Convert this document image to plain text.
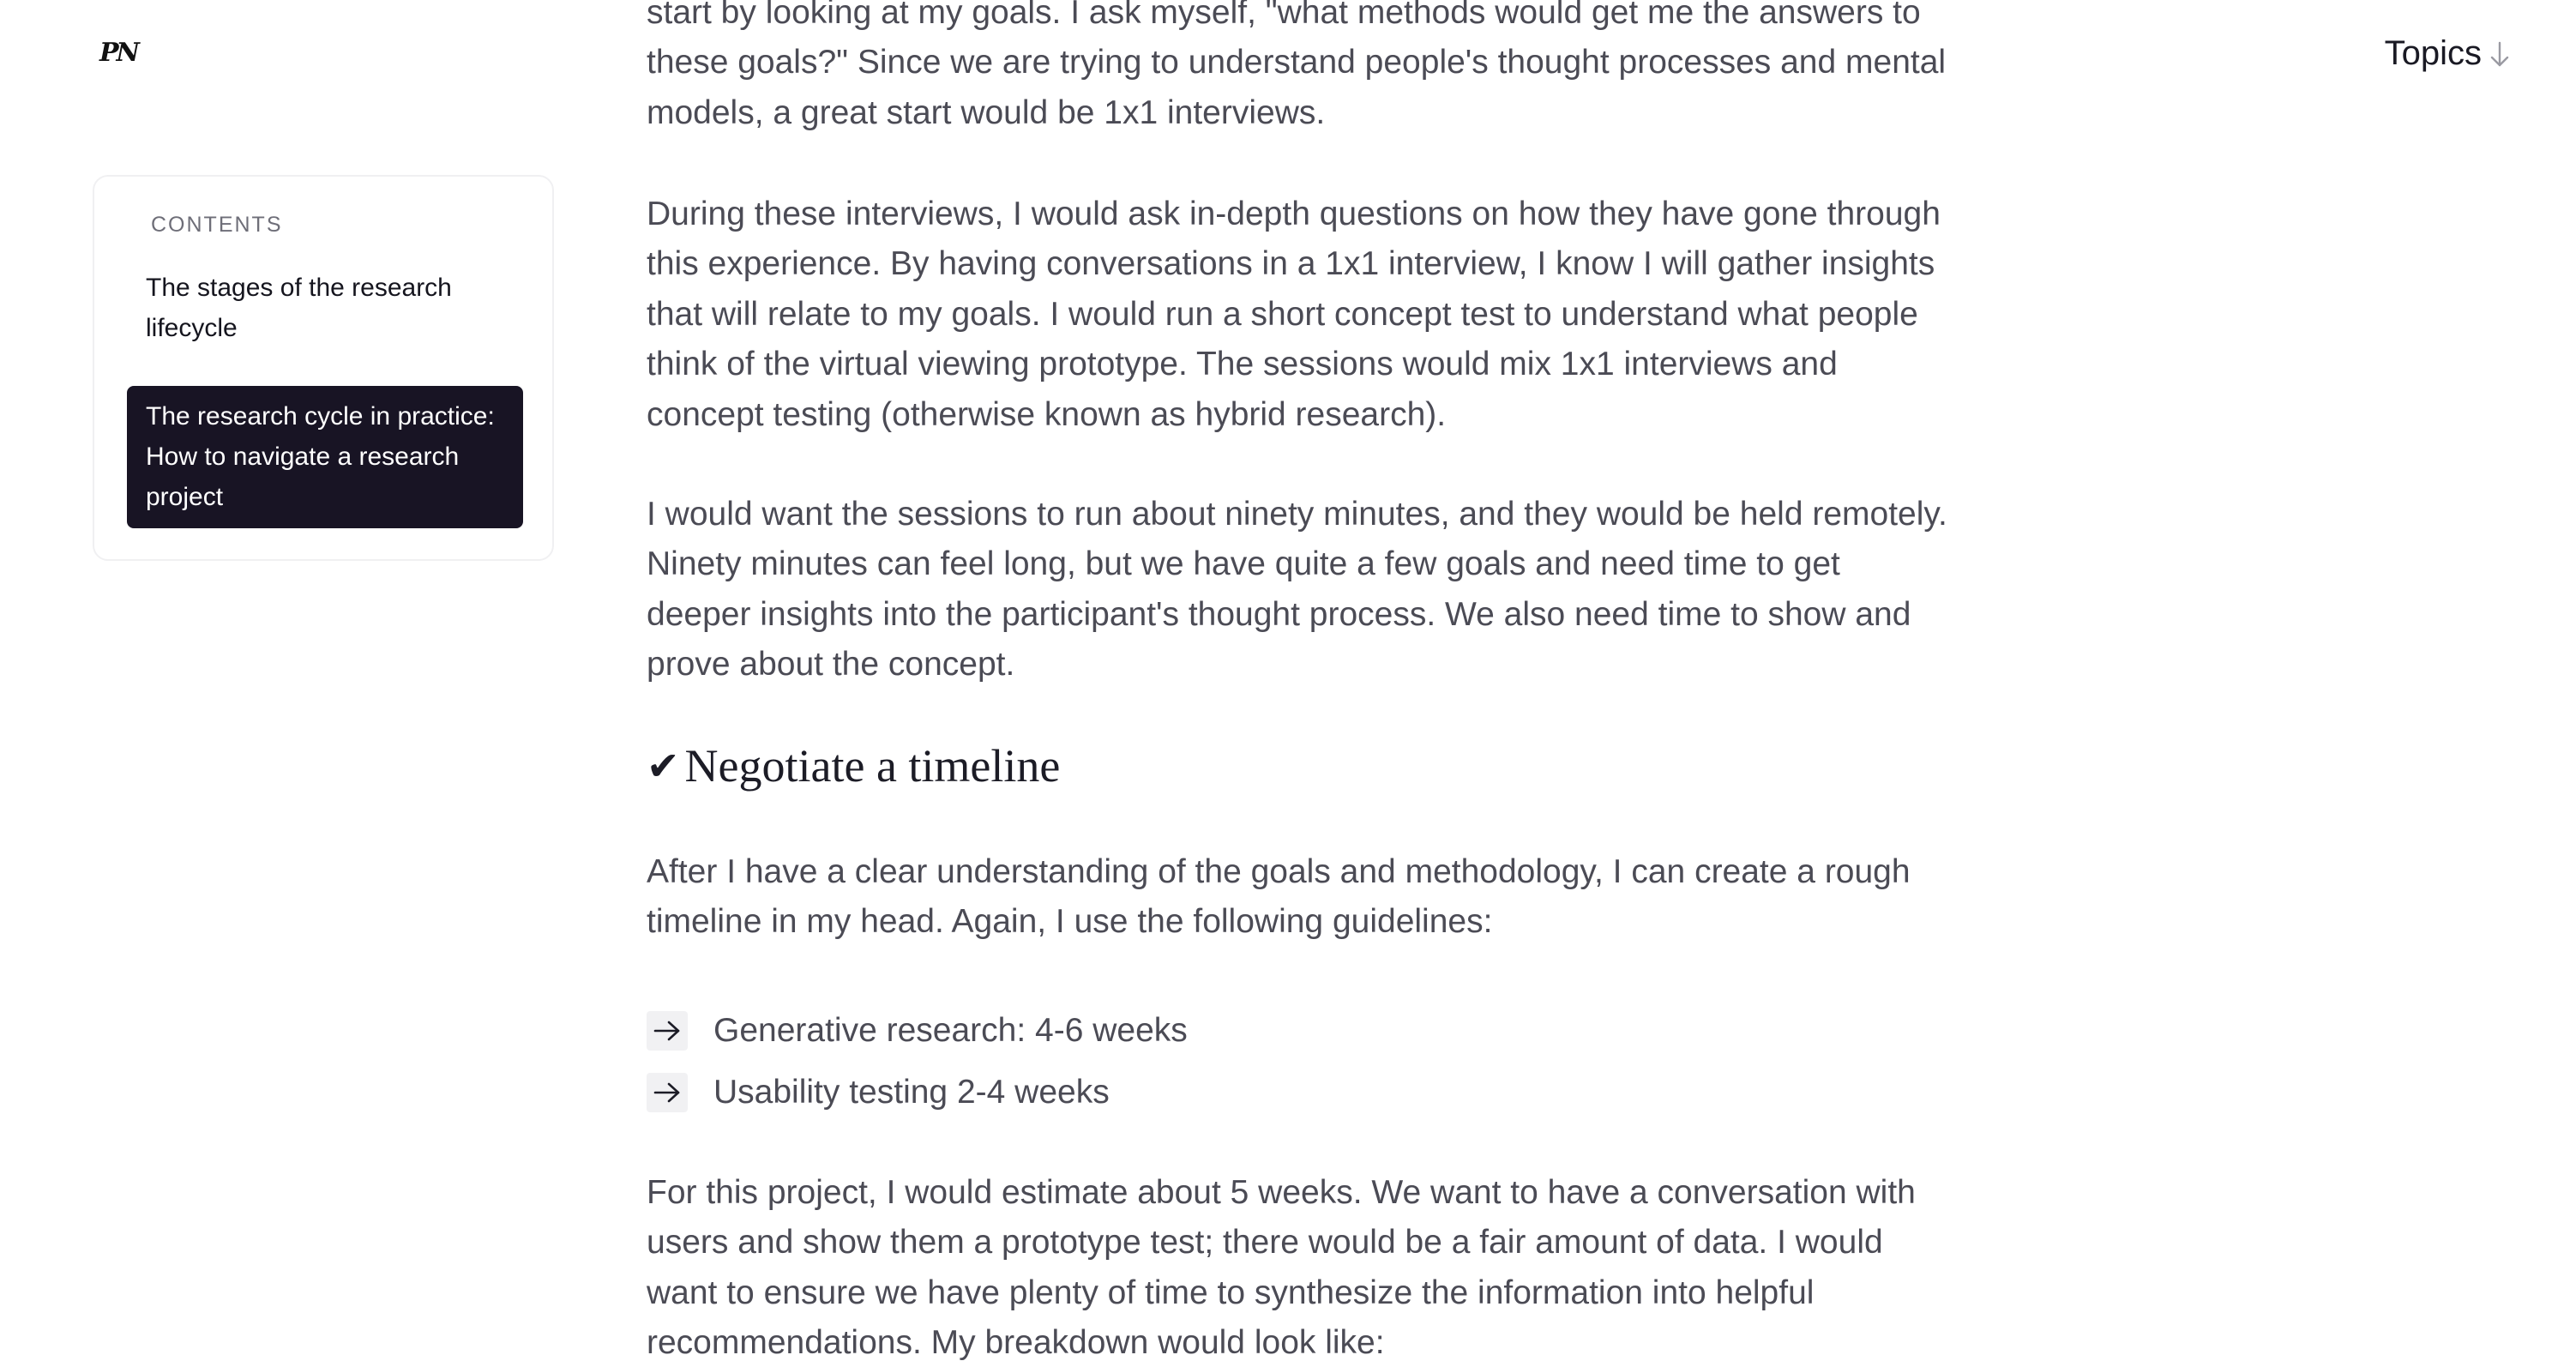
PN	Topics
CONTENTS
The stages of the research lifecycle
The research cycle in practice: How to navigate a research project

start by looking at my goals. I ask myself, "what methods would get me the answers to these goals?" Since we are trying to understand people's thought processes and mental models, a great start would be 1x1 interviews.

During these interviews, I would ask in-depth questions on how they have gone through this experience. By having conversations in a 1x1 interview, I know I will gather insights that will relate to my goals. I would run a short concept test to understand what people think of the virtual viewing prototype. The sessions would mix 1x1 interviews and concept testing (otherwise known as hybrid research).

I would want the sessions to run about ninety minutes, and they would be held remotely. Ninety minutes can feel long, but we have quite a few goals and need time to get deeper insights into the participant's thought process. We also need time to show and prove about the concept.

✔ Negotiate a timeline

After I have a clear understanding of the goals and methodology, I can create a rough timeline in my head. Again, I use the following guidelines:

Generative research: 4-6 weeks
Usability testing 2-4 weeks

For this project, I would estimate about 5 weeks. We want to have a conversation with users and show them a prototype test; there would be a fair amount of data. I would want to ensure we have plenty of time to synthesize the information into helpful recommendations. My breakdown would look like:
